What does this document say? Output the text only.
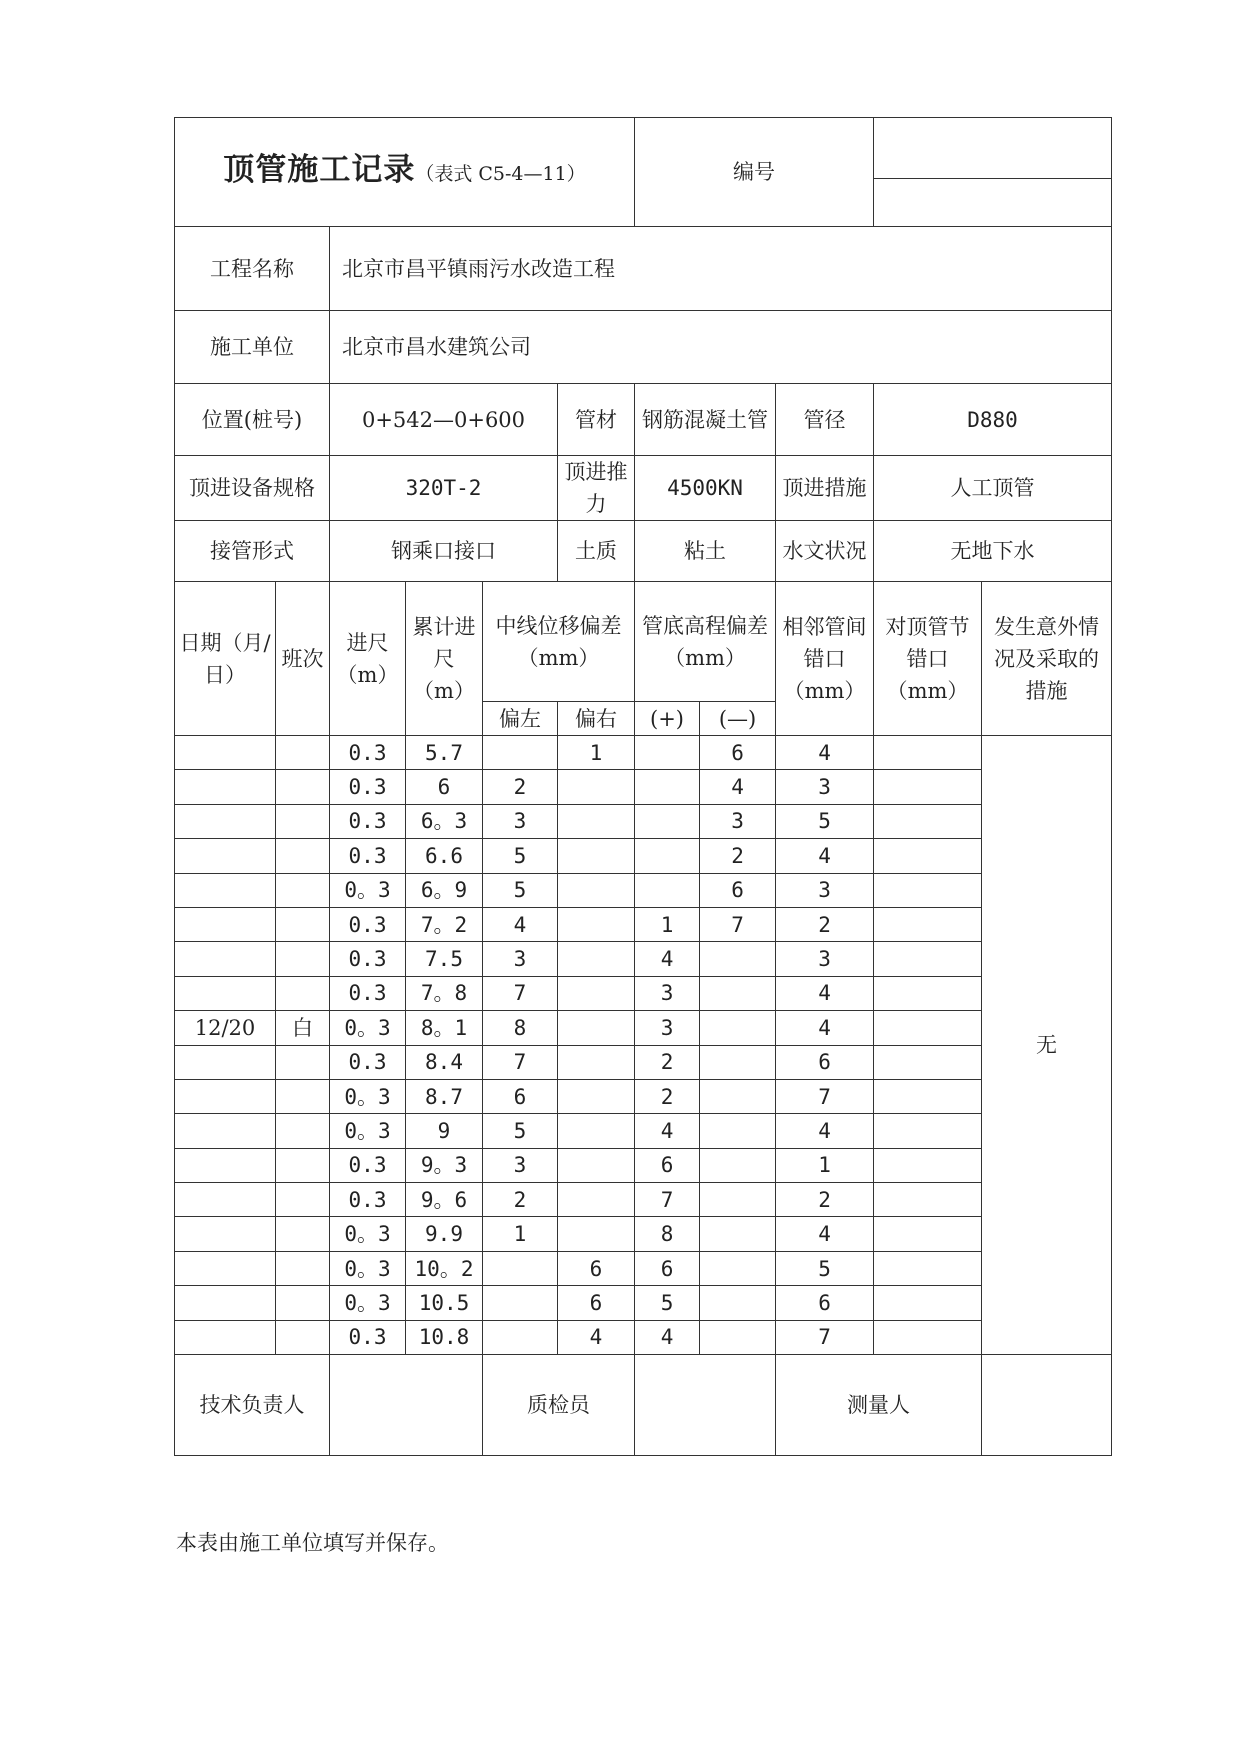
顶管施工记录（表式 C5-4—11）						编号				

工程名称		北京市昌平镇雨污水改造工程								
施工单位		北京市昌水建筑公司								
位置(桩号)		0+542—0+600			管材	钢筋混凝土管		管径	D880	
顶进设备规格		320T-2			顶进推力	4500KN		顶进措施	人工顶管	
接管形式		钢乘口接口			土质	粘土		水文状况	无地下水	
日期（月/日）	班次	进尺（m）	累计进尺（m）	中线位移偏差（mm）		管底高程偏差（mm）		相邻管间错口（mm）	对顶管节错口（mm）	发生意外情况及采取的措施
				偏左	偏右	(+)	(—)			
		0.3	5.7		1		6	4		无
		0.3	6	2			4	3		
		0.3	6。3	3			3	5		
		0.3	6.6	5			2	4		
		0。3	6。9	5			6	3		
		0.3	7。2	4		1	7	2		
		0.3	7.5	3		4		3		
		0.3	7。8	7		3		4		
12/20	白	0。3	8。1	8		3		4		
		0.3	8.4	7		2		6		
		0。3	8.7	6		2		7		
		0。3	9	5		4		4		
		0.3	9。3	3		6		1		
		0.3	9。6	2		7		2		
		0。3	9.9	1		8		4		
		0。3	10。2		6	6		5		
		0。3	10.5		6	5		6		
		0.3	10.8		4	4		7		
技术负责人				质检员				测量人		
本表由施工单位填写并保存。
